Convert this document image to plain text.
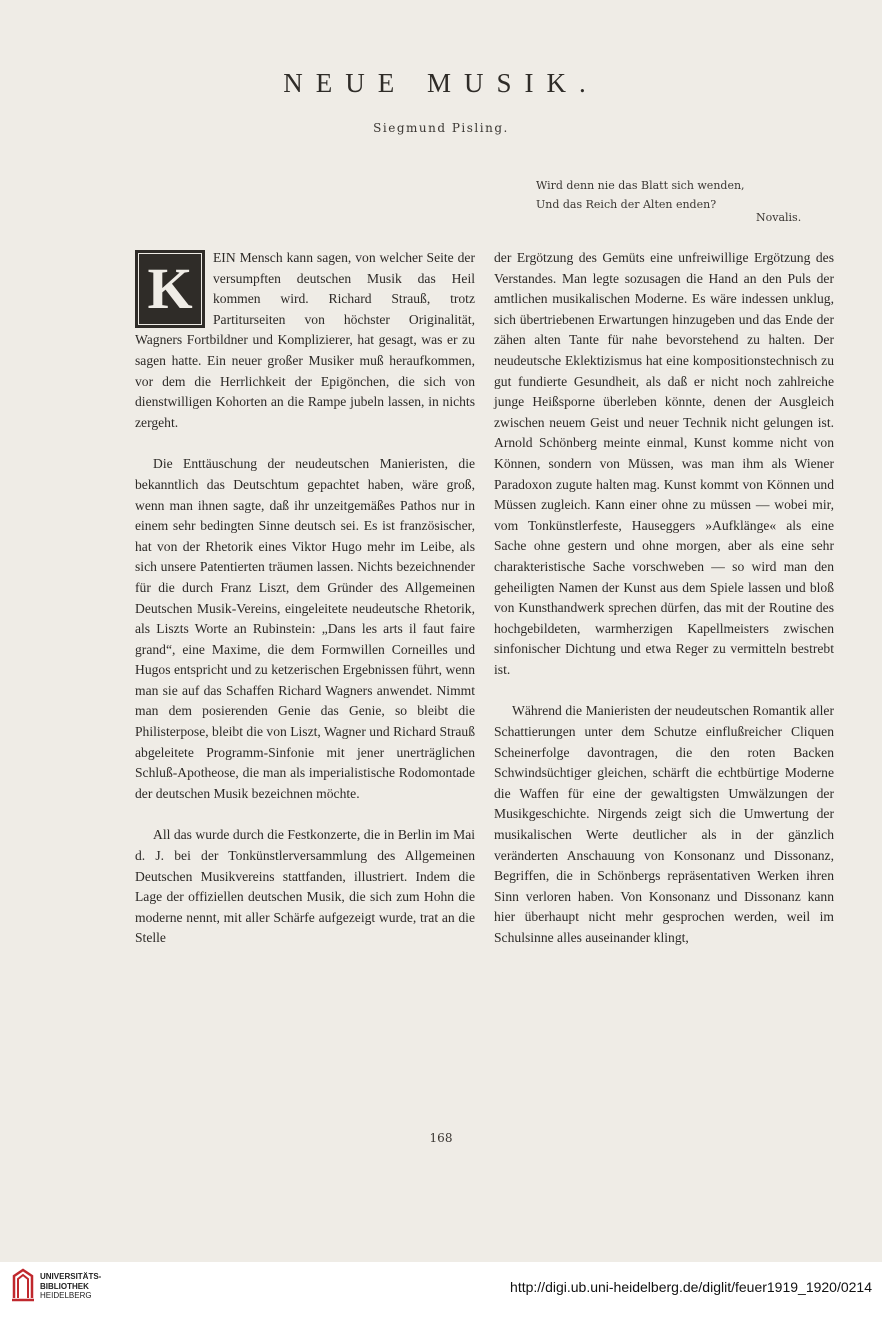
NEUE MUSIK.
Siegmund Pisling.
Wird denn nie das Blatt sich wenden,
Und das Reich der Alten enden?
Novalis.

K	EIN Mensch kann sagen, von welcher Seite der versumpften deutschen Musik das Heil kommen wird. Richard Strauß, trotz Partiturseiten von höchster Originalität, Wagners Fortbildner und Komplizierer, hat gesagt, was er zu sagen hatte. Ein neuer großer Musiker muß heraufkommen, vor dem die Herrlichkeit der Epigönchen, die sich von dienstwilligen Kohorten an die Rampe jubeln lassen, in nichts zergeht.

Die Enttäuschung der neudeutschen Manieristen, die bekanntlich das Deutschtum gepachtet haben, wäre groß, wenn man ihnen sagte, daß ihr unzeitgemäßes Pathos nur in einem sehr bedingten Sinne deutsch sei. Es ist französischer, hat von der Rhetorik eines Viktor Hugo mehr im Leibe, als sich unsere Patentierten träumen lassen. Nichts bezeichnender für die durch Franz Liszt, dem Gründer des Allgemeinen Deutschen Musik-Vereins, eingeleitete neudeutsche Rhetorik, als Liszts Worte an Rubinstein: „Dans les arts il faut faire grand“, eine Maxime, die dem Formwillen Corneilles und Hugos entspricht und zu ketzerischen Ergebnissen führt, wenn man sie auf das Schaffen Richard Wagners anwendet. Nimmt man dem posierenden Genie das Genie, so bleibt die Philisterpose, bleibt die von Liszt, Wagner und Richard Strauß abgeleitete Programm-Sinfonie mit jener unerträglichen Schluß-Apotheose, die man als imperialistische Rodomontade der deutschen Musik bezeichnen möchte.

All das wurde durch die Festkonzerte, die in Berlin im Mai d. J. bei der Tonkünstlerversammlung des Allgemeinen Deutschen Musikvereins stattfanden, illustriert. Indem die Lage der offiziellen deutschen Musik, die sich zum Hohn die moderne nennt, mit aller Schärfe aufgezeigt wurde, trat an die Stelle

der Ergötzung des Gemüts eine unfreiwillige Ergötzung des Verstandes. Man legte sozusagen die Hand an den Puls der amtlichen musikalischen Moderne. Es wäre indessen unklug, sich übertriebenen Erwartungen hinzugeben und das Ende der zähen alten Tante für nahe bevorstehend zu halten. Der neudeutsche Eklektizismus hat eine kompositionstechnisch zu gut fundierte Gesundheit, als daß er nicht noch zahlreiche junge Heißsporne überleben könnte, denen der Ausgleich zwischen neuem Geist und neuer Technik nicht gelungen ist. Arnold Schönberg meinte einmal, Kunst komme nicht von Können, sondern von Müssen, was man ihm als Wiener Paradoxon zugute halten mag. Kunst kommt von Können und Müssen zugleich. Kann einer ohne zu müssen — wobei mir, vom Tonkünstlerfeste, Hauseggers »Aufklänge« als eine Sache ohne gestern und ohne morgen, aber als eine sehr charakteristische Sache vorschweben — so wird man den geheiligten Namen der Kunst aus dem Spiele lassen und bloß von Kunsthandwerk sprechen dürfen, das mit der Routine des hochgebildeten, warmherzigen Kapellmeisters zwischen sinfonischer Dichtung und etwa Reger zu vermitteln bestrebt ist.

Während die Manieristen der neudeutschen Romantik aller Schattierungen unter dem Schutze einflußreicher Cliquen Scheinerfolge davontragen, die den roten Backen Schwindsüchtiger gleichen, schärft die echtbürtige Moderne die Waffen für eine der gewaltigsten Umwälzungen der Musikgeschichte. Nirgends zeigt sich die Umwertung der musikalischen Werte deutlicher als in der gänzlich veränderten Anschauung von Konsonanz und Dissonanz, Begriffen, die in Schönbergs repräsentativen Werken ihren Sinn verloren haben. Von Konsonanz und Dissonanz kann hier überhaupt nicht mehr gesprochen werden, weil im Schulsinne alles auseinander klingt,

168
UNIVERSITÄTS-
BIBLIOTHEK
HEIDELBERG
http://digi.ub.uni-heidelberg.de/diglit/feuer1919_1920/0214
